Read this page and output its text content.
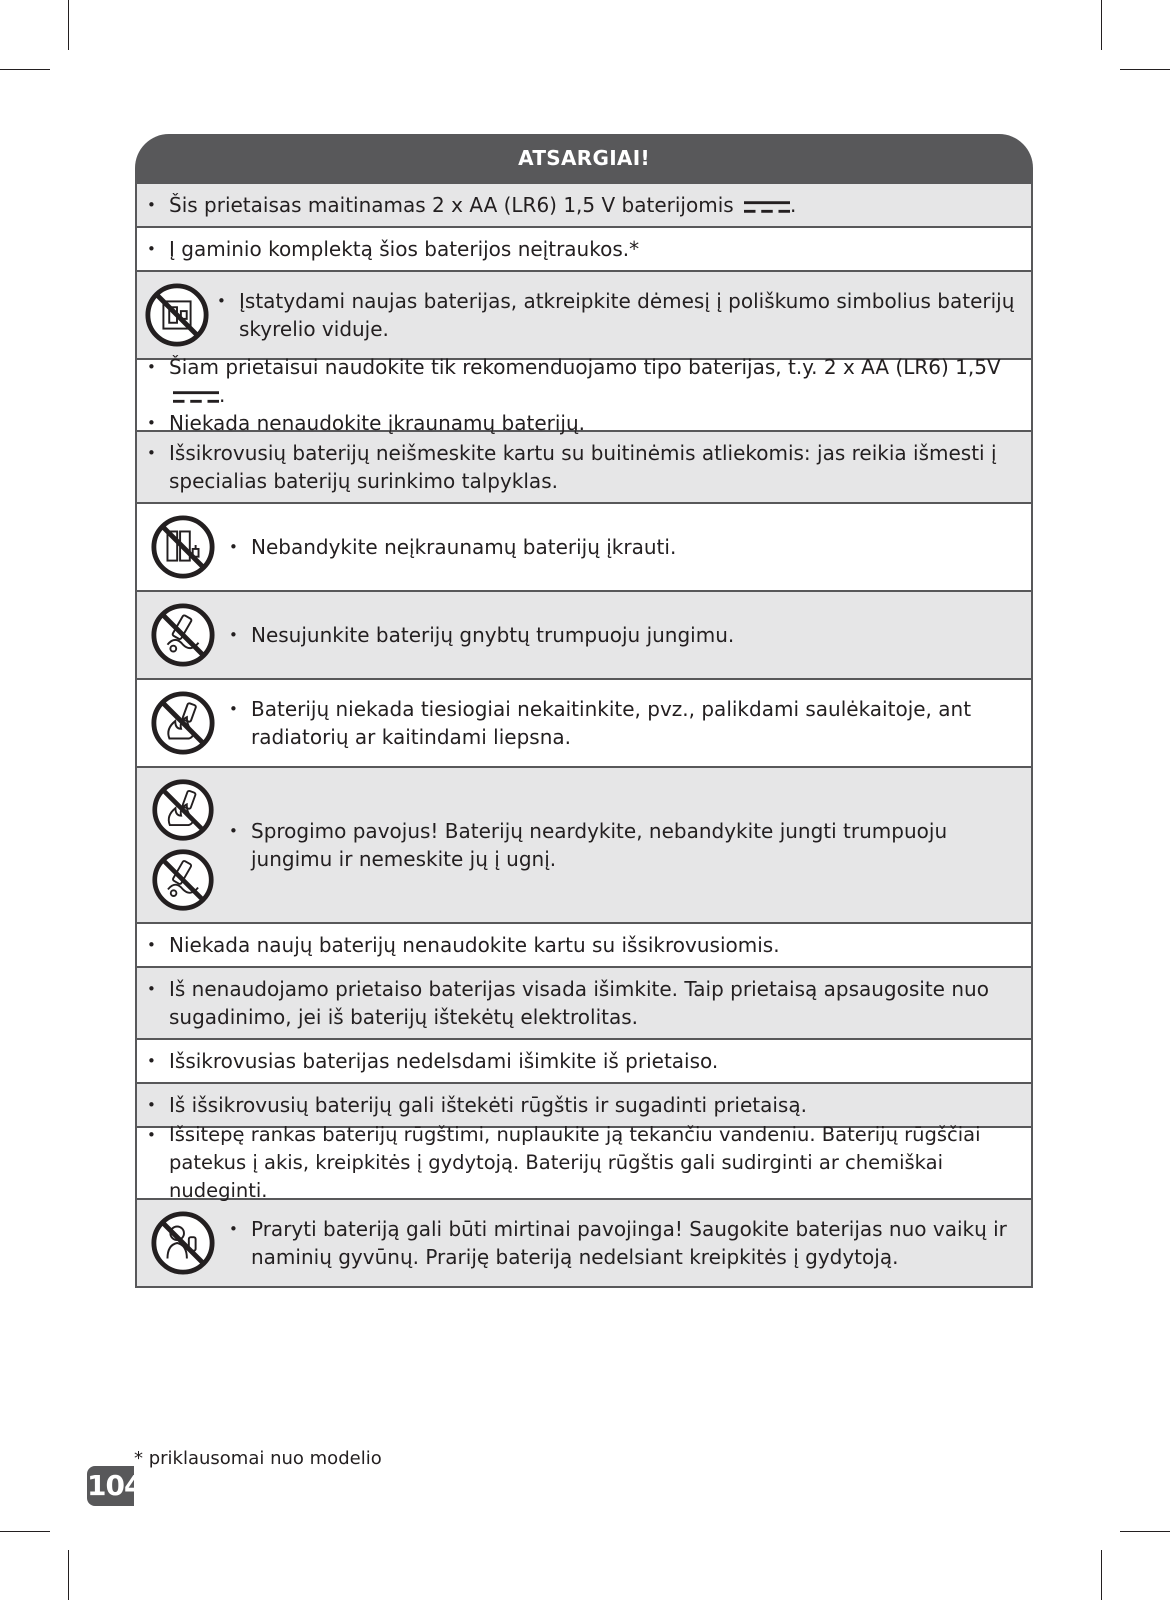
ATSARGIAI!
• Šis prietaisas maitinamas 2 x AA (LR6) 1,5 V baterijomis	.
• Į gaminio komplektą šios baterijos neįtraukos.*
• Įstatydami naujas baterijas, atkreipkite dėmesį į poliškumo simbolius baterijų skyrelio viduje.
• Šiam prietaisui naudokite tik rekomenduojamo tipo baterijas, t.y. 2 x AA (LR6) 1,5V .
• Niekada nenaudokite įkraunamų baterijų.
• Išsikrovusių baterijų neišmeskite kartu su buitinėmis atliekomis: jas reikia išmesti į specialias baterijų surinkimo talpyklas.
• Nebandykite neįkraunamų baterijų įkrauti.
• Nesujunkite baterijų gnybtų trumpuoju jungimu.
• Baterijų niekada tiesiogiai nekaitinkite, pvz., palikdami saulėkaitoje, ant radiatorių ar kaitindami liepsna.
• Sprogimo pavojus! Baterijų neardykite, nebandykite jungti trumpuoju jungimu ir nemeskite jų į ugnį.
• Niekada naujų baterijų nenaudokite kartu su išsikrovusiomis.
• Iš nenaudojamo prietaiso baterijas visada išimkite. Taip prietaisą apsaugosite nuo sugadinimo, jei iš baterijų ištekėtų elektrolitas.
• Išsikrovusias baterijas nedelsdami išimkite iš prietaiso.
• Iš išsikrovusių baterijų gali ištekėti rūgštis ir sugadinti prietaisą.
• Išsitepę rankas baterijų rūgštimi, nuplaukite ją tekančiu vandeniu. Baterijų rūgščiai patekus į akis, kreipkitės į gydytoją. Baterijų rūgštis gali sudirginti ar chemiškai nudeginti.
• Praryti bateriją gali būti mirtinai pavojinga! Saugokite baterijas nuo vaikų ir naminių gyvūnų. Prariję bateriją nedelsiant kreipkitės į gydytoją.
* priklausomai nuo modelio
104
